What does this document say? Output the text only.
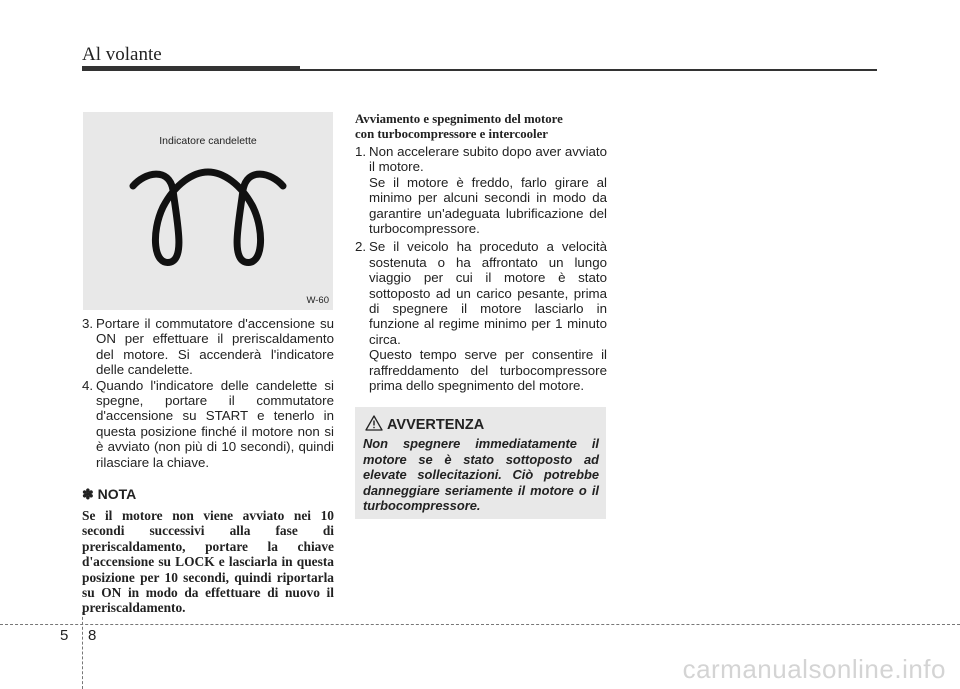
Al volante
Indicatore candelette
W-60
3. Portare il commutatore d'accensione su ON per effettuare il preriscaldamento del motore. Si accenderà l'indicatore delle candelette.

4. Quando l'indicatore delle candelette si spegne, portare il commutatore d'accensione su START e tenerlo in questa posizione finché il motore non si è avviato (non più di 10 secondi), quindi rilasciare la chiave.

✽ NOTA
Se il motore non viene avviato nei 10 secondi successivi alla fase di preriscaldamento, portare la chiave d'accensione su LOCK e lasciarla in questa posizione per 10 secondi, quindi riportarla su ON in modo da effettuare di nuovo il preriscaldamento.
Avviamento e spegnimento del motore
con turbocompressore e intercooler
1. Non accelerare subito dopo aver avviato il motore.

Se il motore è freddo, farlo girare al minimo per alcuni secondi in modo da garantire un'adeguata lubrificazione del turbocompressore.

2. Se il veicolo ha proceduto a velocità sostenuta o ha affrontato un lungo viaggio per cui il motore è stato sottoposto ad un carico pesante, prima di spegnere il motore lasciarlo in funzione al regime minimo per 1 minuto circa.

Questo tempo serve per consentire il raffreddamento del turbocompressore prima dello spegnimento del motore.

AVVERTENZA
Non spegnere immediatamente il motore se è stato sottoposto ad elevate sollecitazioni. Ciò potrebbe danneggiare seriamente il motore o il turbocompressore.
5 8
carmanualsonline.info
